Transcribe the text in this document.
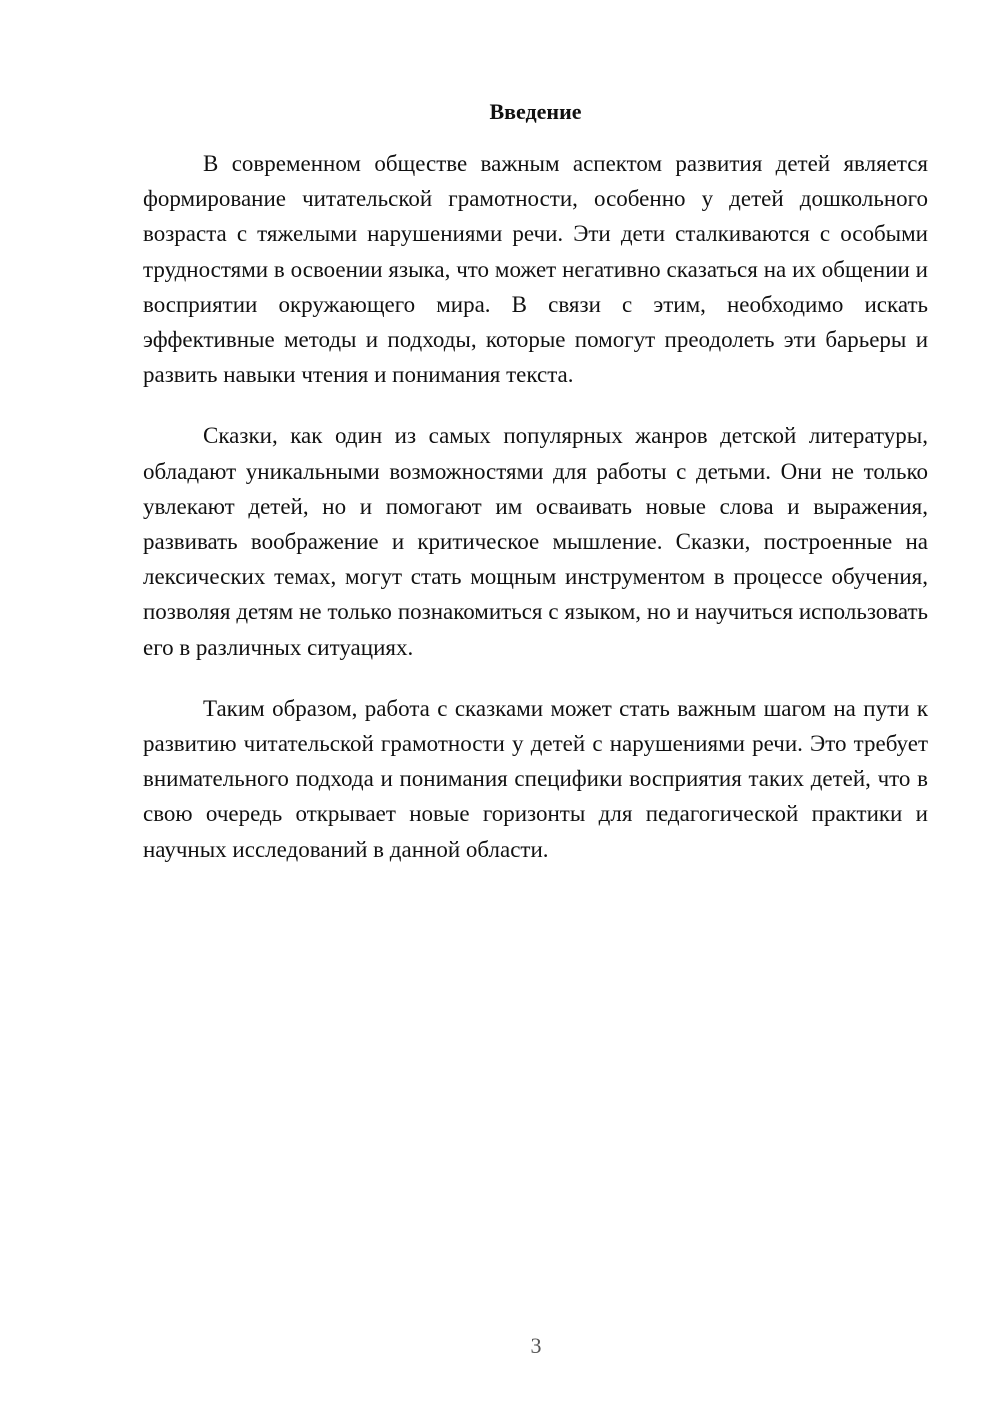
Введение

В современном обществе важным аспектом развития детей является формирование читательской грамотности, особенно у детей дошкольного возраста с тяжелыми нарушениями речи. Эти дети сталкиваются с особыми трудностями в освоении языка, что может негативно сказаться на их общении и восприятии окружающего мира. В связи с этим, необходимо искать эффективные методы и подходы, которые помогут преодолеть эти барьеры и развить навыки чтения и понимания текста.

Сказки, как один из самых популярных жанров детской литературы, обладают уникальными возможностями для работы с детьми. Они не только увлекают детей, но и помогают им осваивать новые слова и выражения, развивать воображение и критическое мышление. Сказки, построенные на лексических темах, могут стать мощным инструментом в процессе обучения, позволяя детям не только познакомиться с языком, но и научиться использовать его в различных ситуациях.

Таким образом, работа с сказками может стать важным шагом на пути к развитию читательской грамотности у детей с нарушениями речи. Это требует внимательного подхода и понимания специфики восприятия таких детей, что в свою очередь открывает новые горизонты для педагогической практики и научных исследований в данной области.

3
